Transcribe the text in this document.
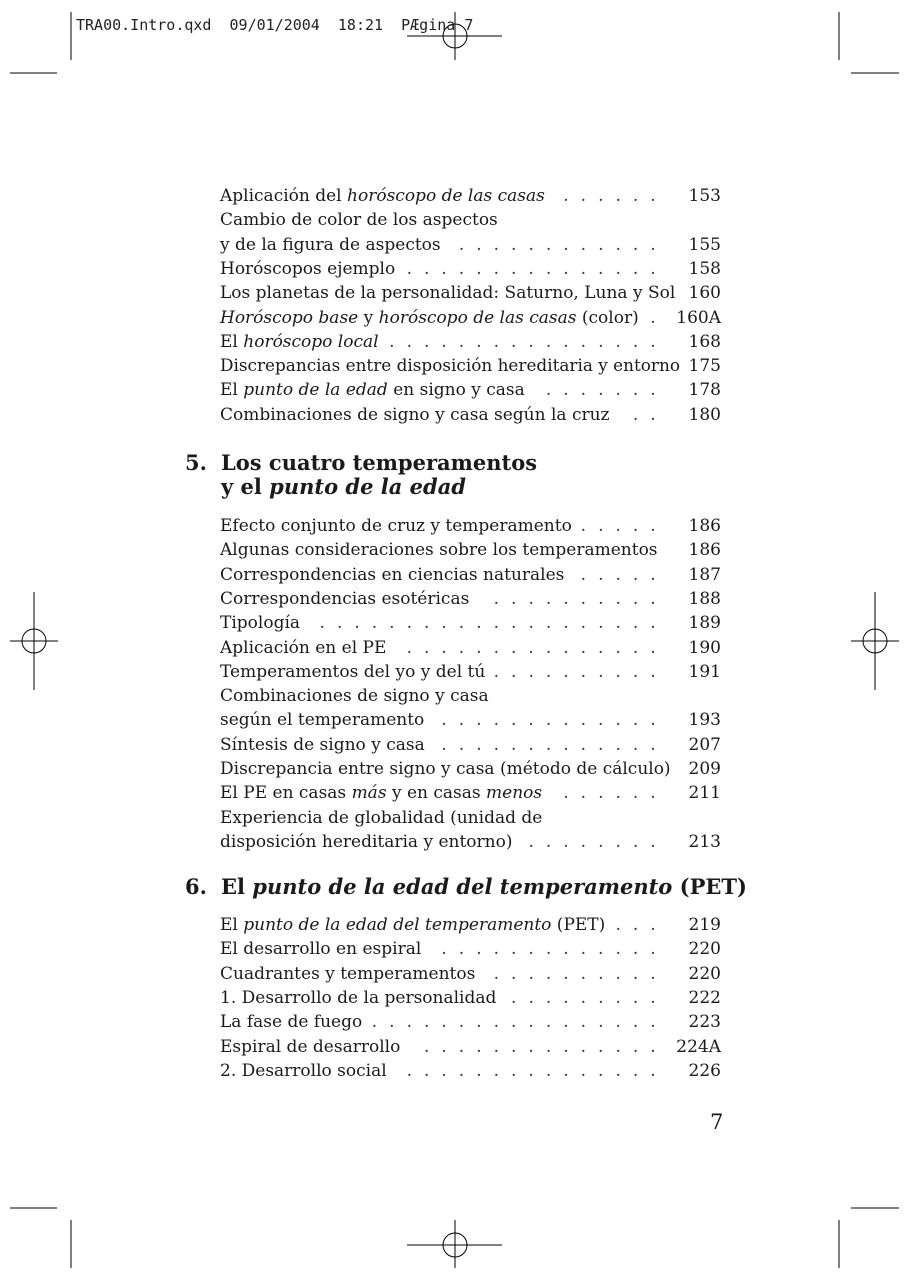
TRA00.Intro.qxd  09/01/2004  18:21  PÆgina 7
5. Los cuatro temperamentos
y el punto de la edad
6. El punto de la edad del temperamento (PET)
Aplicación del horóscopo de las casas . . . . . . 153
Cambio de color de los aspectos
y de la figura de aspectos . . . . . . . . . . . . 155
Horóscopos ejemplo . . . . . . . . . . . . . . . 158
Los planetas de la personalidad: Saturno, Luna y Sol 160
Horóscopo base y horóscopo de las casas (color) . 160A
El horóscopo local . . . . . . . . . . . . . . . . 168
Discrepancias entre disposición hereditaria y entorno 175
El punto de la edad en signo y casa . . . . . . . 178
Combinaciones de signo y casa según la cruz . . 180
Efecto conjunto de cruz y temperamento . . . . . 186
Algunas consideraciones sobre los temperamentos 186
Correspondencias en ciencias naturales . . . . . 187
Correspondencias esotéricas . . . . . . . . . . 188
Tipología . . . . . . . . . . . . . . . . . . . . 189
Aplicación en el PE . . . . . . . . . . . . . . . 190
Temperamentos del yo y del tú . . . . . . . . . . 191
Combinaciones de signo y casa
según el temperamento . . . . . . . . . . . . . 193
Síntesis de signo y casa . . . . . . . . . . . . . 207
Discrepancia entre signo y casa (método de cálculo) 209
El PE en casas más y en casas menos . . . . . . 211
Experiencia de globalidad (unidad de
disposición hereditaria y entorno) . . . . . . . . 213
El punto de la edad del temperamento (PET) . . . 219
El desarrollo en espiral . . . . . . . . . . . . . 220
Cuadrantes y temperamentos . . . . . . . . . . 220
1. Desarrollo de la personalidad . . . . . . . . . 222
La fase de fuego . . . . . . . . . . . . . . . . . 223
Espiral de desarrollo . . . . . . . . . . . . . . 224A
2. Desarrollo social . . . . . . . . . . . . . . . 226
7
